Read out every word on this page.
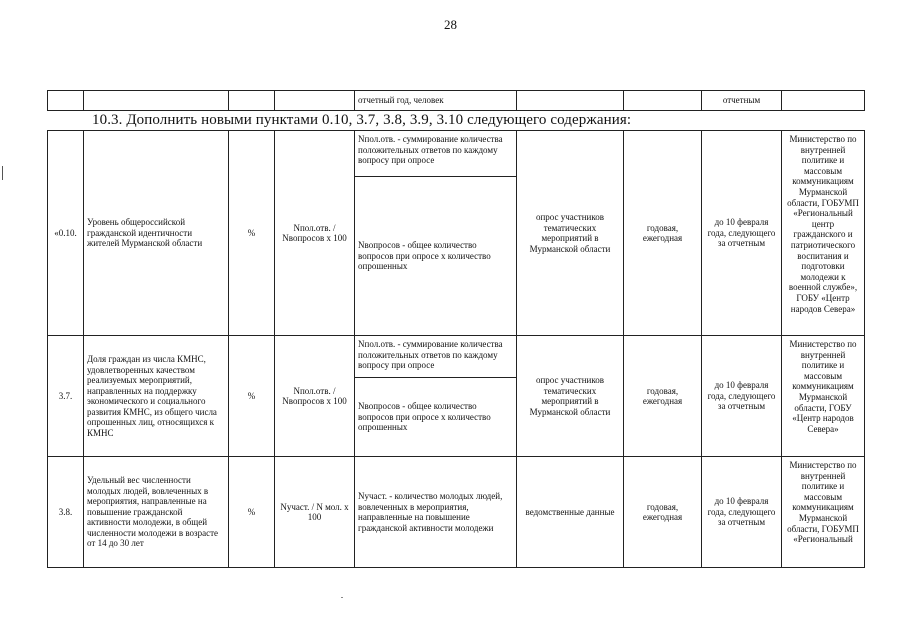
28
				отчетный год, человек			отчетным	
10.3. Дополнить новыми пунктами 0.10, 3.7, 3.8, 3.9, 3.10 следующего содержания:
«0.10.	Уровень общероссийской гражданской идентичности жителей Мурманской области	%	Nпол.отв. / Nвопросов х 100	Nпол.отв. - суммирование количества положительных ответов по каждому вопросу при опросе	опрос участников тематических мероприятий в Мурманской области	годовая, ежегодная	до 10 февраля года, следующего за отчетным	Министерство по внутренней политике и массовым коммуникациям Мурманской области, ГОБУМП «Региональный центр гражданского и патриотического воспитания и подготовки молодежи к военной службе», ГОБУ «Центр народов Севера»
				Nвопросов - общее количество вопросов при опросе х количество опрошенных				
3.7.	Доля граждан из числа КМНС, удовлетворенных качеством реализуемых мероприятий, направленных на поддержку экономического и социального развития КМНС, из общего числа опрошенных лиц, относящихся к КМНС	%	Nпол.отв. / Nвопросов х 100	Nпол.отв. - суммирование количества положительных ответов по каждому вопросу при опросе	опрос участников тематических мероприятий в Мурманской области	годовая, ежегодная	до 10 февраля года, следующего за отчетным	Министерство по внутренней политике и массовым коммуникациям Мурманской области, ГОБУ «Центр народов Севера»
				Nвопросов - общее количество вопросов при опросе х количество опрошенных				
3.8.	Удельный вес численности молодых людей, вовлеченных в мероприятия, направленные на повышение гражданской активности молодежи, в общей численности молодежи в возрасте от 14 до 30 лет	%	Nучаст. / N мол. х 100	Nучаст. - количество молодых людей, вовлеченных в мероприятия, направленные на повышение гражданской активности молодежи	ведомственные данные	годовая, ежегодная	до 10 февраля года, следующего за отчетным	Министерство по внутренней политике и массовым коммуникациям Мурманской области, ГОБУМП «Региональный
